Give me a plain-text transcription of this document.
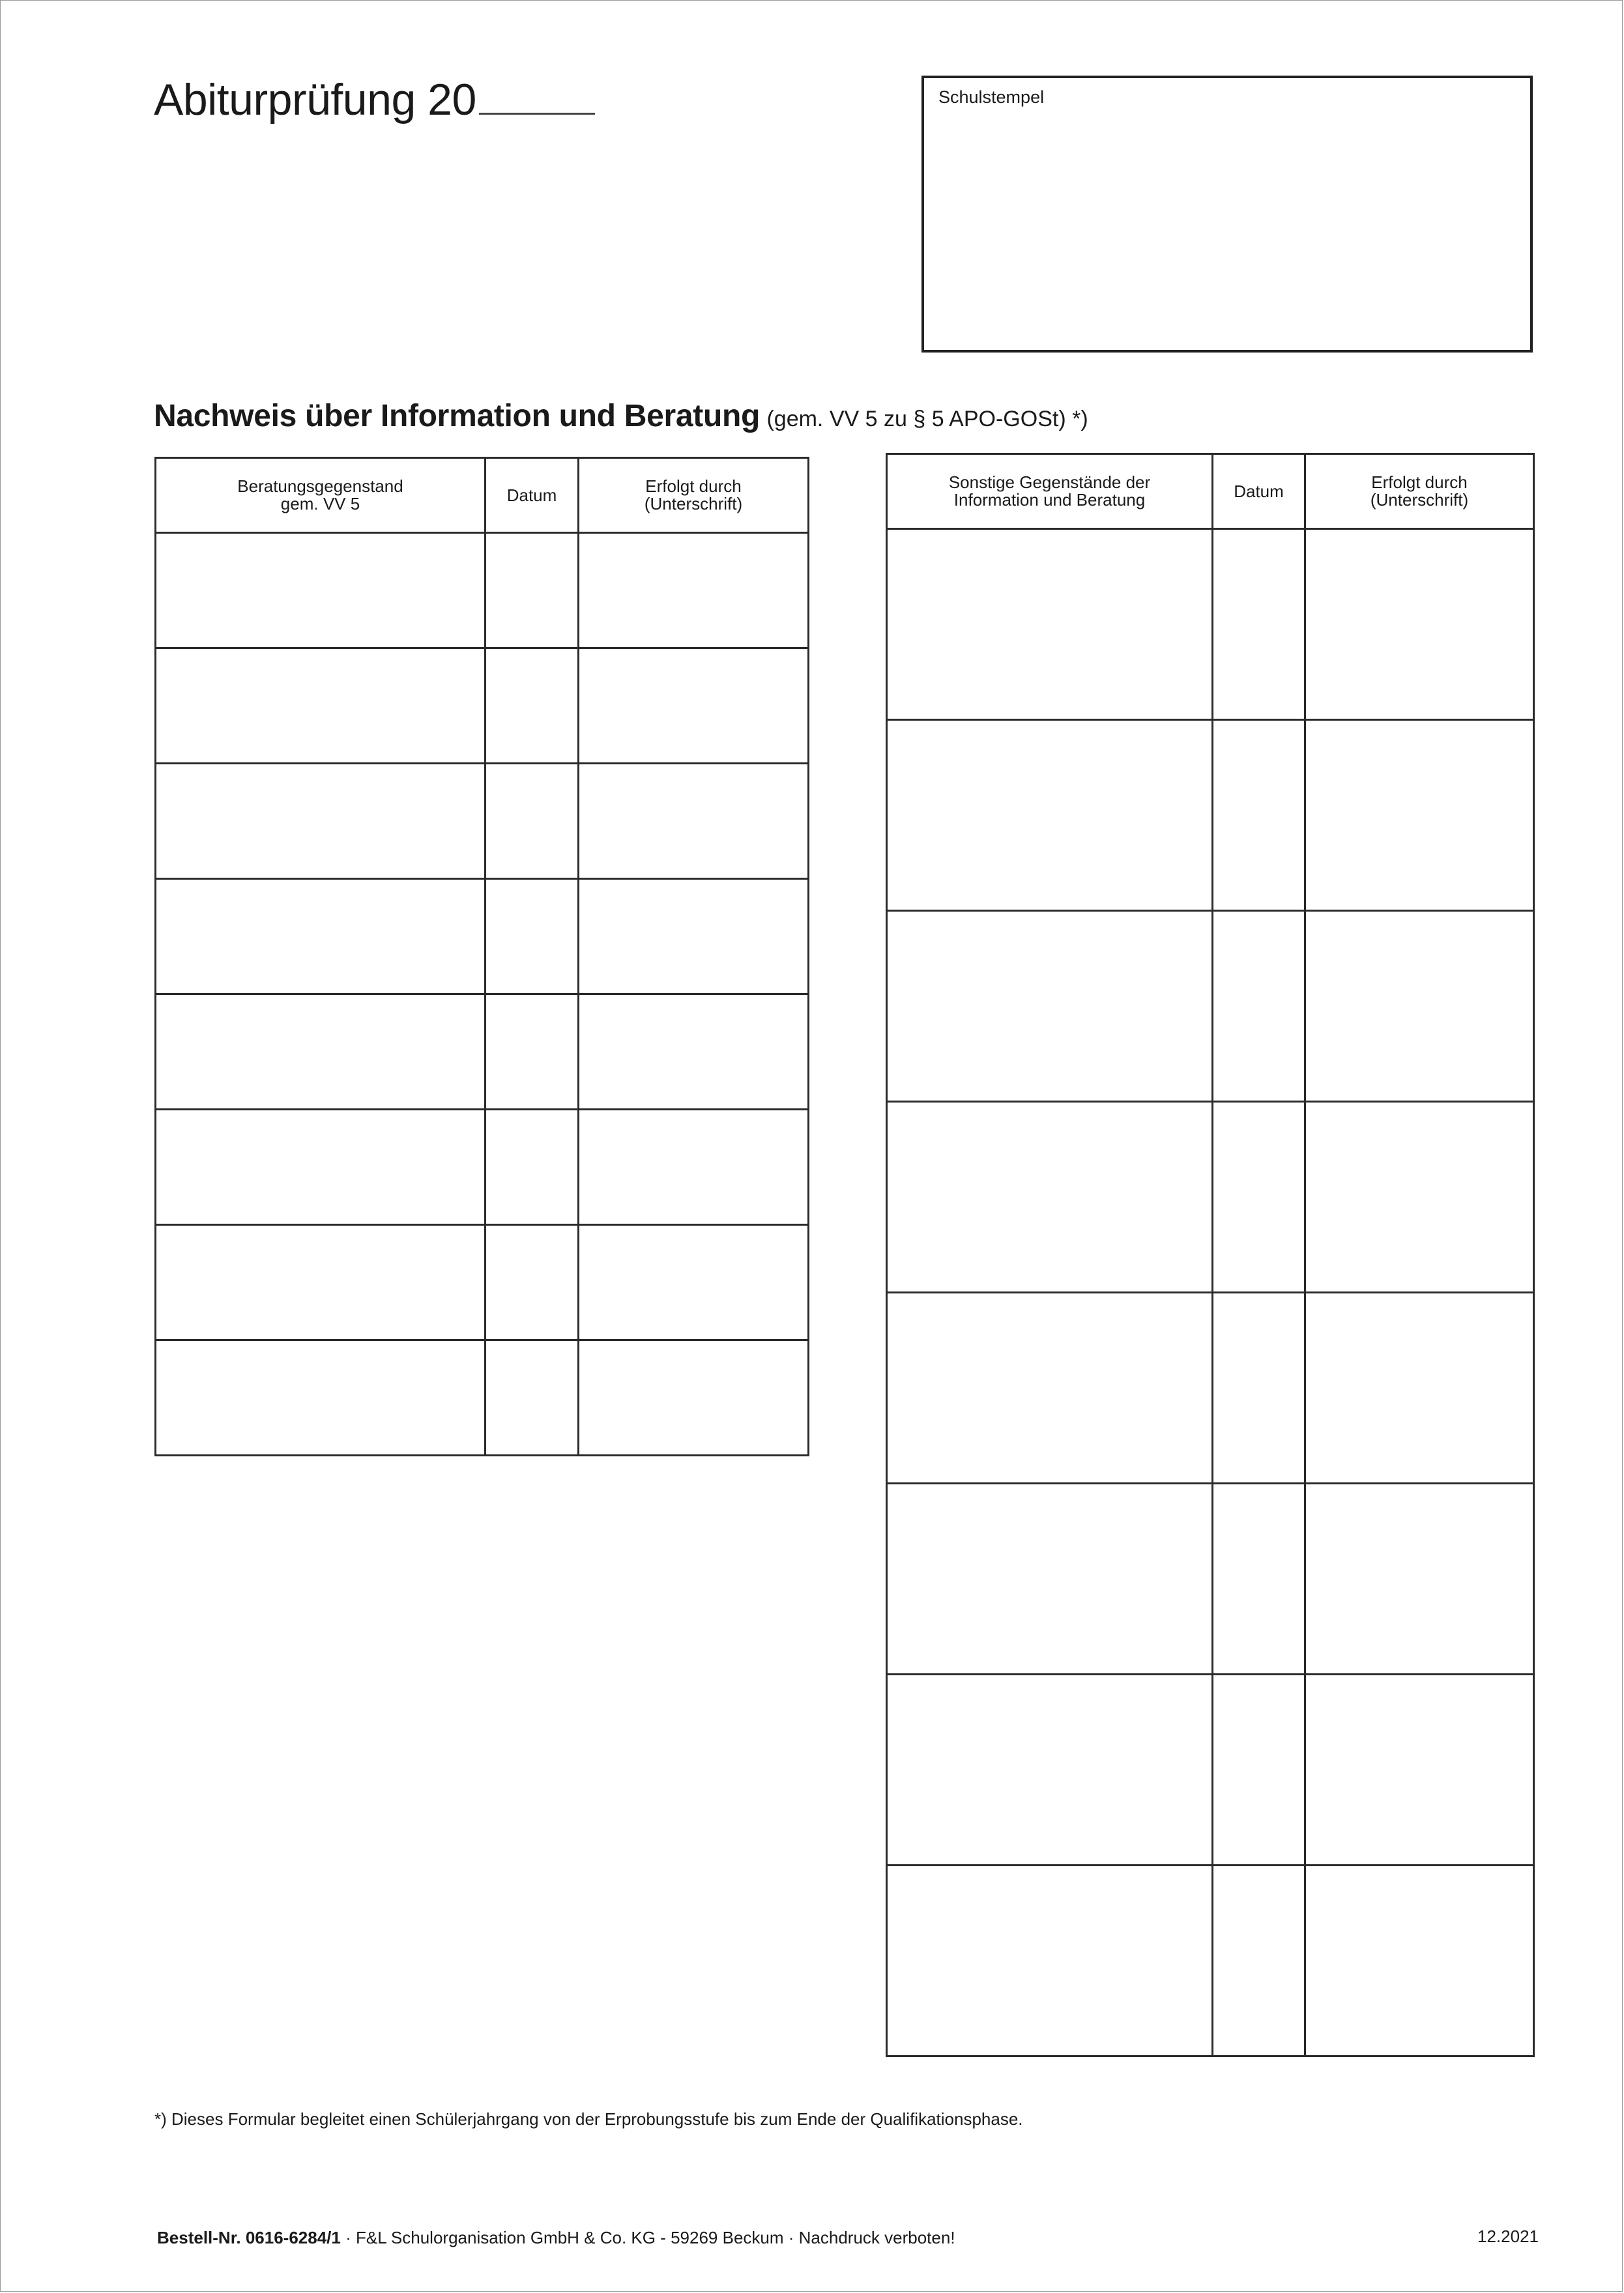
Abiturprüfung 20	Schulstempel
Nachweis über Information und Beratung (gem. VV 5 zu § 5 APO-GOSt) *)
Beratungsgegenstand
gem. VV 5	Datum	Erfolgt durch
(Unterschrift)

Sonstige Gegenstände der
Information und Beratung	Datum	Erfolgt durch
(Unterschrift)

*) Dieses Formular begleitet einen Schülerjahrgang von der Erprobungsstufe bis zum Ende der Qualifikationsphase.
Bestell-Nr. 0616-6284/1 · F&L Schulorganisation GmbH & Co. KG - 59269 Beckum · Nachdruck verboten!	12.2021
